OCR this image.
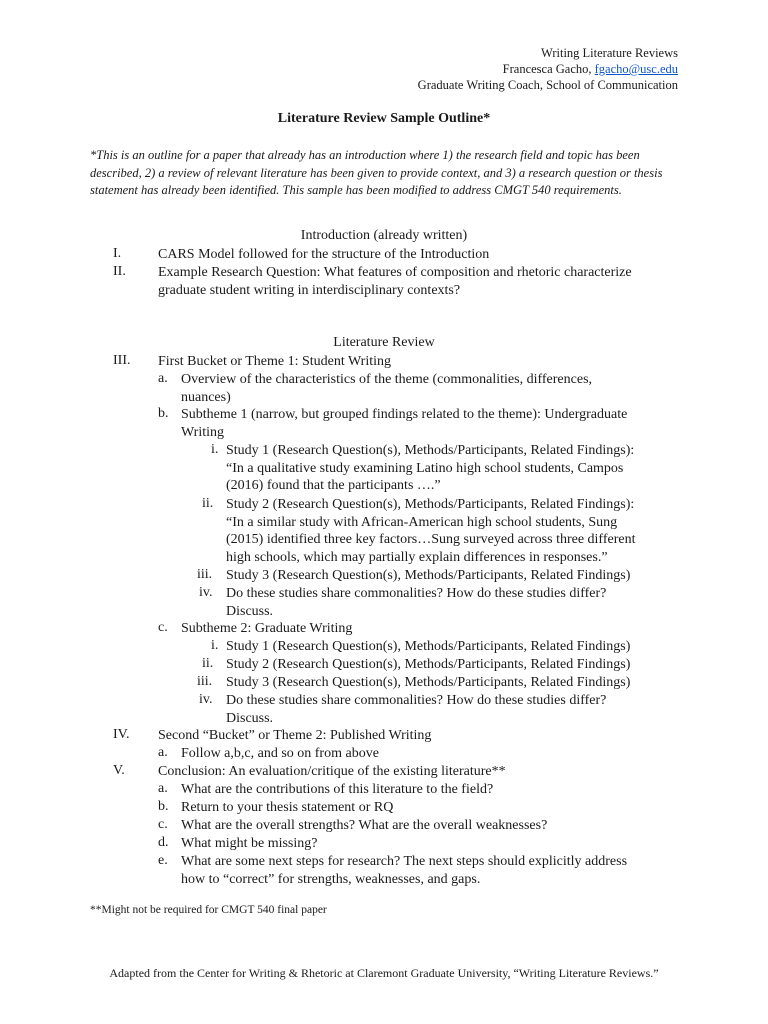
Writing Literature Reviews
Francesca Gacho, fgacho@usc.edu
Graduate Writing Coach, School of Communication
Literature Review Sample Outline*
*This is an outline for a paper that already has an introduction where 1) the research field and topic has been described, 2) a review of relevant literature has been given to provide context, and 3) a research question or thesis statement has already been identified. This sample has been modified to address CMGT 540 requirements.
Introduction (already written)
I.	CARS Model followed for the structure of the Introduction
II. Example Research Question: What features of composition and rhetoric characterize
graduate student writing in interdisciplinary contexts?
Literature Review
III. First Bucket or Theme 1: Student Writing
a. Overview of the characteristics of the theme (commonalities, differences,
nuances)
b. Subtheme 1 (narrow, but grouped findings related to the theme): Undergraduate
Writing
i. Study 1 (Research Question(s), Methods/Participants, Related Findings):
“In a qualitative study examining Latino high school students, Campos
(2016) found that the participants ….”
ii. Study 2 (Research Question(s), Methods/Participants, Related Findings):
“In a similar study with African-American high school students, Sung
(2015) identified three key factors…Sung surveyed across three different
high schools, which may partially explain differences in responses.”
iii. Study 3 (Research Question(s), Methods/Participants, Related Findings)
iv. Do these studies share commonalities? How do these studies differ?
Discuss.
c. Subtheme 2: Graduate Writing
i. Study 1 (Research Question(s), Methods/Participants, Related Findings)
ii. Study 2 (Research Question(s), Methods/Participants, Related Findings)
iii. Study 3 (Research Question(s), Methods/Participants, Related Findings)
iv. Do these studies share commonalities? How do these studies differ?
Discuss.
IV. Second “Bucket” or Theme 2: Published Writing
a. Follow a,b,c, and so on from above
V. Conclusion: An evaluation/critique of the existing literature**
a. What are the contributions of this literature to the field?
b. Return to your thesis statement or RQ
c. What are the overall strengths? What are the overall weaknesses?
d. What might be missing?
e. What are some next steps for research? The next steps should explicitly address
how to “correct” for strengths, weaknesses, and gaps.
**Might not be required for CMGT 540 final paper
Adapted from the Center for Writing & Rhetoric at Claremont Graduate University, “Writing Literature Reviews.”
